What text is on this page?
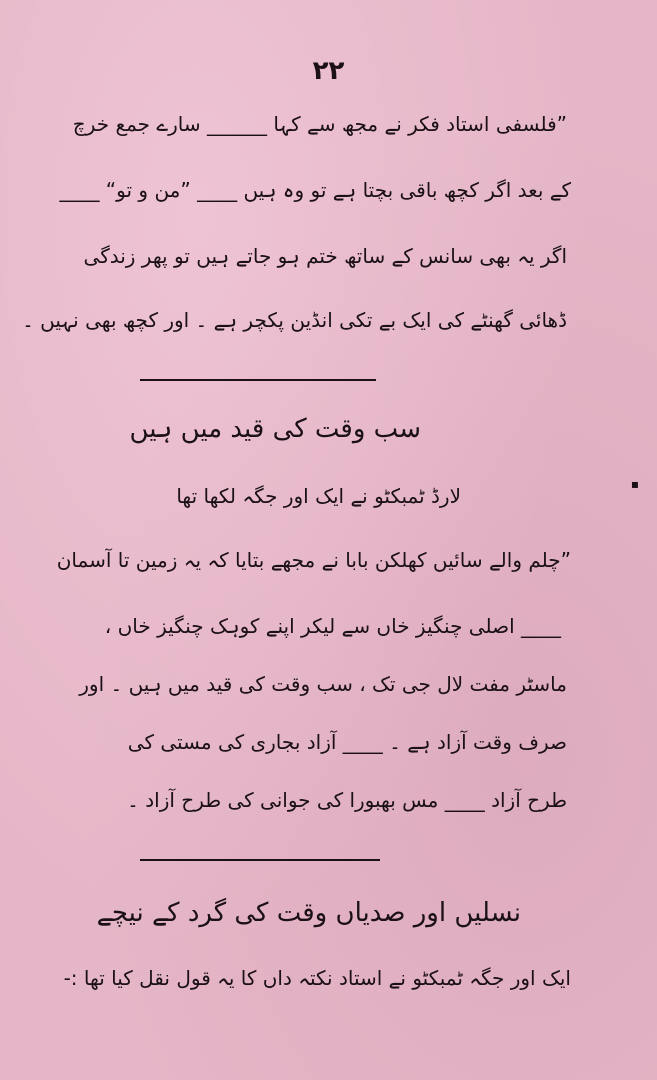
۲۲
”فلسفی استاد فکر نے مجھ سے کہا ______ سارے جمع خرچ
کے بعد اگر کچھ باقی بچتا ہے تو وہ ہیں ____ ”من و تو“ ____
اگر یہ بھی سانس کے ساتھ ختم ہو جاتے ہیں تو پھر زندگی
ڈھائی گھنٹے کی ایک بے تکی انڈین پکچر ہے ۔ اور کچھ بھی نہیں ۔
سب وقت کی قید میں ہیں
لارڈ ٹمبکٹو نے ایک اور جگہ لکھا تھا	▪
”چلم والے سائیں کھلکن بابا نے مجھے بتایا کہ یہ زمین تا آسمان
____ اصلی چنگیز خاں سے لیکر اپنے کوہک چنگیز خاں ،
ماسٹر مفت لال جی تک ، سب وقت کی قید میں ہیں ۔ اور
صرف وقت آزاد ہے ۔ ____ آزاد بجاری کی مستی کی
طرح آزاد ____ مس بھبورا کی جوانی کی طرح آزاد ۔
نسلیں اور صدیاں وقت کی گرد کے نیچے
ایک اور جگہ ٹمبکٹو نے استاد نکتہ داں کا یہ قول نقل کیا تھا :-
